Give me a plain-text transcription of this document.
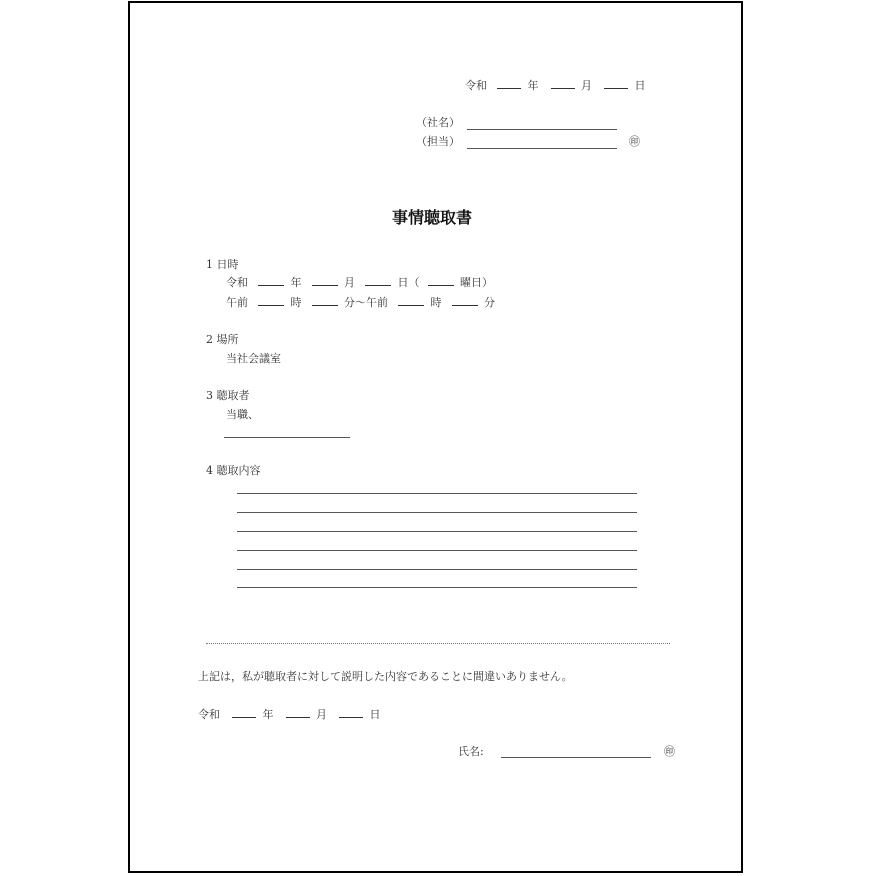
令和	年	月	日
（社名）
（担当）	㊞
事情聴取書
1 日時
令和	年	月	日（	曜日）
午前	時	分～午前	時	分
2 場所
当社会議室
3 聴取者
当職、
4 聴取内容
上記は，私が聴取者に対して説明した内容であることに間違いありません。
令和	年	月	日
氏名:	㊞
